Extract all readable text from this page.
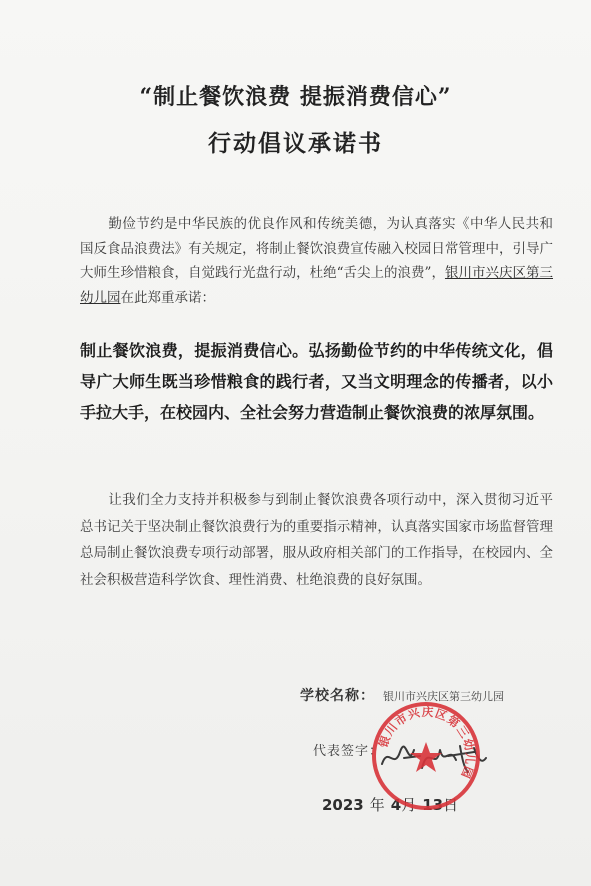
“制止餐饮浪费 提振消费信心”
行动倡议承诺书
勤俭节约是中华民族的优良作风和传统美德，为认真落实《中华人民共和国反食品浪费法》有关规定，将制止餐饮浪费宣传融入校园日常管理中，引导广大师生珍惜粮食，自觉践行光盘行动，杜绝“舌尖上的浪费”，银川市兴庆区第三幼儿园在此郑重承诺：
制止餐饮浪费，提振消费信心。弘扬勤俭节约的中华传统文化，倡导广大师生既当珍惜粮食的践行者，又当文明理念的传播者，以小手拉大手，在校园内、全社会努力营造制止餐饮浪费的浓厚氛围。
让我们全力支持并积极参与到制止餐饮浪费各项行动中，深入贯彻习近平总书记关于坚决制止餐饮浪费行为的重要指示精神，认真落实国家市场监督管理总局制止餐饮浪费专项行动部署，服从政府相关部门的工作指导，在校园内、全社会积极营造科学饮食、理性消费、杜绝浪费的良好氛围。
学校名称： 银川市兴庆区第三幼儿园
代表签字：
2023 年 4月 13日
银川市兴庆区第三幼儿园
